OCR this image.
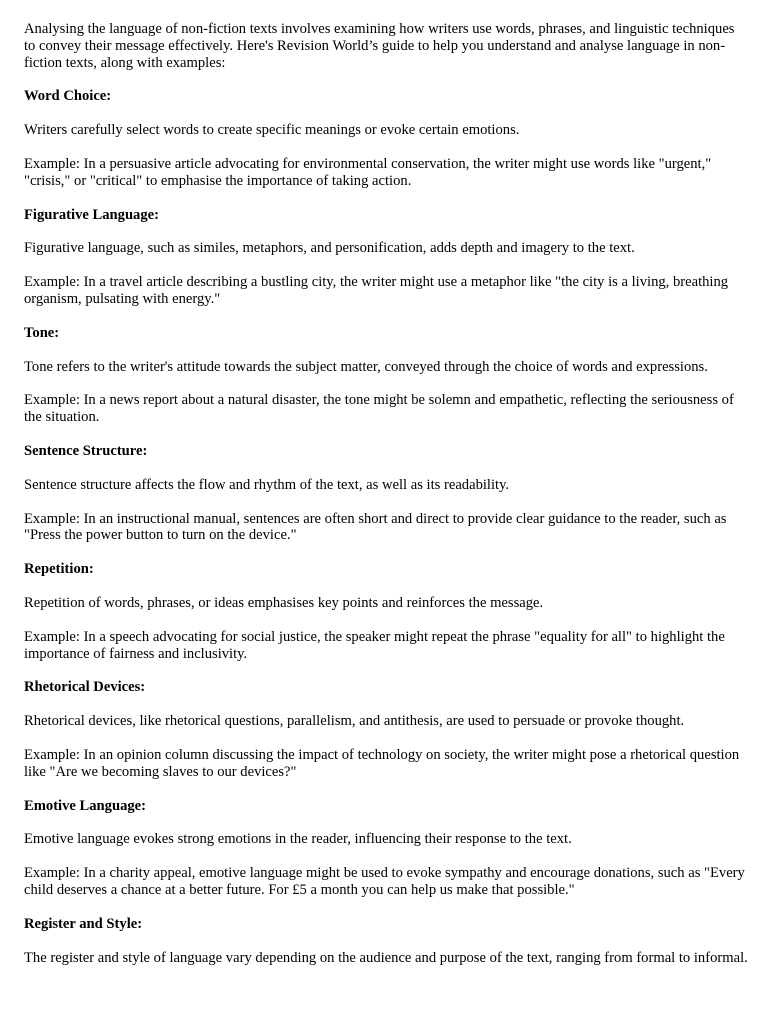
Analysing the language of non-fiction texts involves examining how writers use words, phrases, and linguistic techniques to convey their message effectively. Here's Revision World’s guide to help you understand and analyse language in non-fiction texts, along with examples:

Word Choice:

Writers carefully select words to create specific meanings or evoke certain emotions.

Example: In a persuasive article advocating for environmental conservation, the writer might use words like "urgent," "crisis," or "critical" to emphasise the importance of taking action.

Figurative Language:

Figurative language, such as similes, metaphors, and personification, adds depth and imagery to the text.

Example: In a travel article describing a bustling city, the writer might use a metaphor like "the city is a living, breathing organism, pulsating with energy."

Tone:

Tone refers to the writer's attitude towards the subject matter, conveyed through the choice of words and expressions.

Example: In a news report about a natural disaster, the tone might be solemn and empathetic, reflecting the seriousness of the situation.

Sentence Structure:

Sentence structure affects the flow and rhythm of the text, as well as its readability.

Example: In an instructional manual, sentences are often short and direct to provide clear guidance to the reader, such as "Press the power button to turn on the device."

Repetition:

Repetition of words, phrases, or ideas emphasises key points and reinforces the message.

Example: In a speech advocating for social justice, the speaker might repeat the phrase "equality for all" to highlight the importance of fairness and inclusivity.

Rhetorical Devices:

Rhetorical devices, like rhetorical questions, parallelism, and antithesis, are used to persuade or provoke thought.

Example: In an opinion column discussing the impact of technology on society, the writer might pose a rhetorical question like "Are we becoming slaves to our devices?"

Emotive Language:

Emotive language evokes strong emotions in the reader, influencing their response to the text.

Example: In a charity appeal, emotive language might be used to evoke sympathy and encourage donations, such as "Every child deserves a chance at a better future. For £5 a month you can help us make that possible."

Register and Style:

The register and style of language vary depending on the audience and purpose of the text, ranging from formal to informal.
